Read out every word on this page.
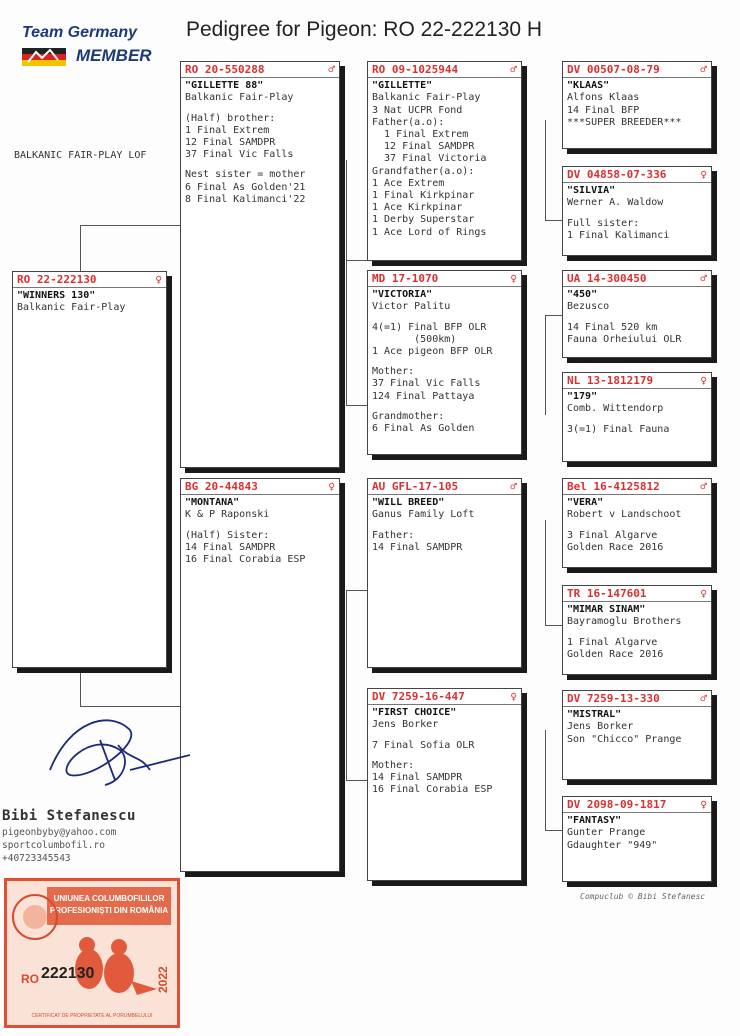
Team Germany
MEMBER
Pedigree for Pigeon: RO 22-222130 H
BALKANIC FAIR-PLAY LOF
RO 22-222130	♀
"WINNERS 130"
Balkanic Fair-Play
RO 20-550288	♂
"GILLETTE 88"
Balkanic Fair-Play
(Half) brother:
1 Final Extrem
12 Final SAMDPR
37 Final Vic Falls
Nest sister = mother
6 Final As Golden'21
8 Final Kalimanci'22
BG 20-44843	♀
"MONTANA"
K & P Raponski
(Half) Sister:
14 Final SAMDPR
16 Final Corabia ESP
RO 09-1025944	♂
"GILLETTE"
Balkanic Fair-Play
3 Nat UCPR Fond
Father(a.o):
1 Final Extrem
12 Final SAMDPR
37 Final Victoria
Grandfather(a.o):
1 Ace Extrem
1 Final Kirkpinar
1 Ace Kirkpinar
1 Derby Superstar
1 Ace Lord of Rings
MD 17-1070	♀
"VICTORIA"
Victor Palitu
4(=1) Final BFP OLR
(500km)
1 Ace pigeon BFP OLR
Mother:
37 Final Vic Falls
124 Final Pattaya
Grandmother:
6 Final As Golden
AU GFL-17-105	♂
"WILL BREED"
Ganus Family Loft
Father:
14 Final SAMDPR
DV 7259-16-447	♀
"FIRST CHOICE"
Jens Borker
7 Final Sofia OLR
Mother:
14 Final SAMDPR
16 Final Corabia ESP
DV 00507-08-79	♂
"KLAAS"
Alfons Klaas
14 Final BFP
***SUPER BREEDER***
DV 04858-07-336	♀
"SILVIA"
Werner A. Waldow
Full sister:
1 Final Kalimanci
UA 14-300450	♂
"450"
Bezusco
14 Final 520 km
Fauna Orheiului OLR
NL 13-1812179	♀
"179"
Comb. Wittendorp
3(=1) Final Fauna
Bel 16-4125812	♂
"VERA"
Robert v Landschoot
3 Final Algarve
Golden Race 2016
TR 16-147601	♀
"MIMAR SINAM"
Bayramoglu Brothers
1 Final Algarve
Golden Race 2016
DV 7259-13-330	♂
"MISTRAL"
Jens Borker
Son "Chicco" Prange
DV 2098-09-1817	♀
"FANTASY"
Gunter Prange
Gdaughter "949"
Bibi Stefanescu
pigeonbyby@yahoo.com
sportcolumbofil.ro
+40723345543
Compuclub © Bibi Stefanesc
UNIUNEA COLUMBOFILILOR
PROFESIONIȘTI DIN ROMÂNIA
RO	2022
CERTIFICAT DE PROPRIETATE AL PORUMBELULUI
222130
